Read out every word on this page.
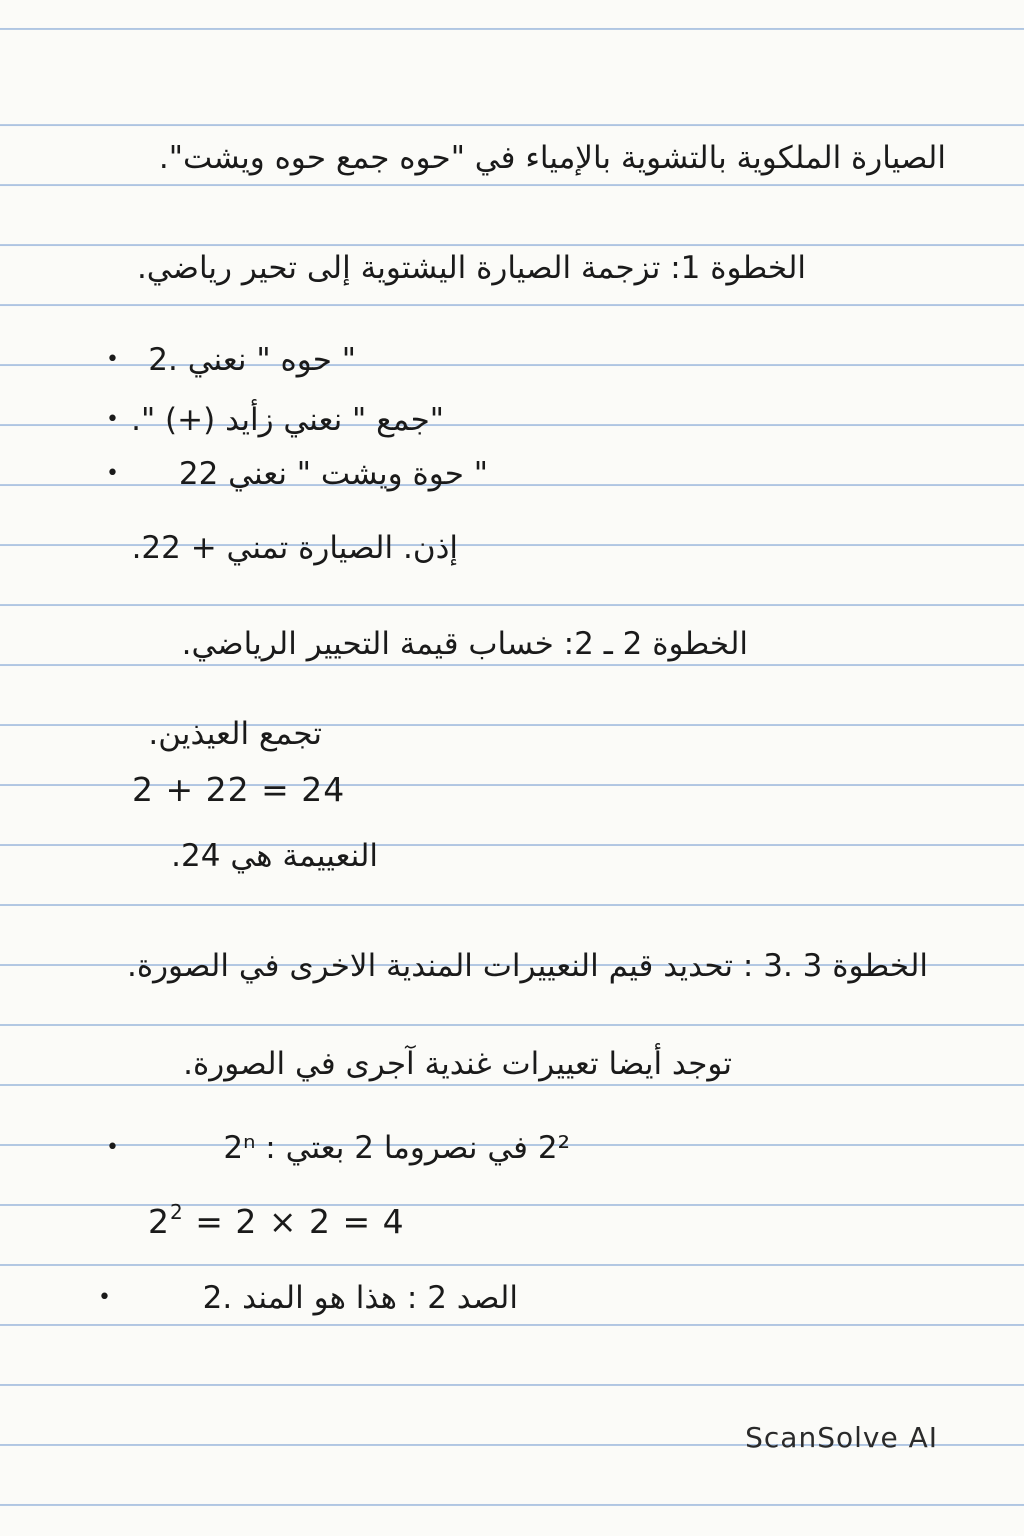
الصيارة الملكوية بالتشوية بالإمياء في "حوه جمع حوه ويشت".
الخطوة 1: تزجمة الصيارة اليشتوية إلى تحير رياضي.
• " حوه " نعني .2
• "جمع " نعني زأيد (+) ".
• " حوة ويشت " نعني 22
إذن. الصيارة تمني + 22.
الخطوة 2 ـ 2: خساب قيمة التحيير الرياضي.
تجمع العيذين.
2 + 22 = 24
النعييمة هي 24.
الخطوة 3 .3 : تحديد قيم النعييرات المندية الاخرى في الصورة.
توجد أيضا تعييرات غندية آجرى في الصورة.
•	2² في نصروما 2 بعتي : 2ⁿ
$2^2 = 2 \times 2 = 4$
•	الصد 2 : هذا هو المند .2
ScanSolve AI
